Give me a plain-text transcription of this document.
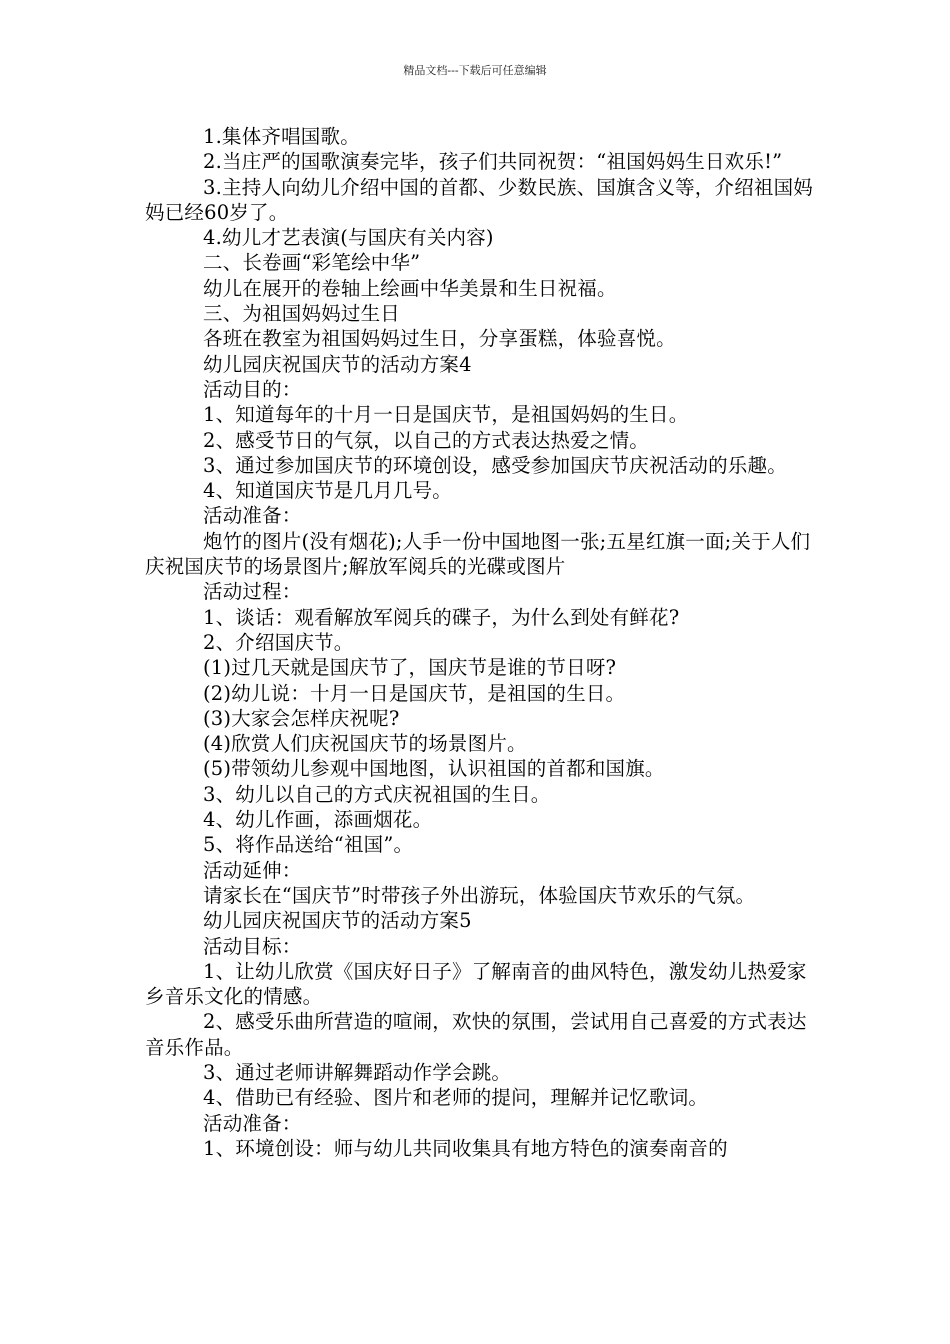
精品文档---下载后可任意编辑

1.集体齐唱国歌。

2.当庄严的国歌演奏完毕，孩子们共同祝贺：“祖国妈妈生日欢乐!”

3.主持人向幼儿介绍中国的首都、少数民族、国旗含义等，介绍祖国妈妈已经60岁了。

4.幼儿才艺表演(与国庆有关内容)

二、长卷画“彩笔绘中华”

幼儿在展开的卷轴上绘画中华美景和生日祝福。

三、为祖国妈妈过生日

各班在教室为祖国妈妈过生日，分享蛋糕，体验喜悦。

幼儿园庆祝国庆节的活动方案4

活动目的：

1、知道每年的十月一日是国庆节，是祖国妈妈的生日。

2、感受节日的气氛，以自己的方式表达热爱之情。

3、通过参加国庆节的环境创设，感受参加国庆节庆祝活动的乐趣。

4、知道国庆节是几月几号。

活动准备：

炮竹的图片(没有烟花);人手一份中国地图一张;五星红旗一面;关于人们庆祝国庆节的场景图片;解放军阅兵的光碟或图片

活动过程：

1、谈话：观看解放军阅兵的碟子，为什么到处有鲜花?

2、介绍国庆节。

(1)过几天就是国庆节了，国庆节是谁的节日呀?

(2)幼儿说：十月一日是国庆节，是祖国的生日。

(3)大家会怎样庆祝呢?

(4)欣赏人们庆祝国庆节的场景图片。

(5)带领幼儿参观中国地图，认识祖国的首都和国旗。

3、幼儿以自己的方式庆祝祖国的生日。

4、幼儿作画，添画烟花。

5、将作品送给“祖国”。

活动延伸：

请家长在“国庆节”时带孩子外出游玩，体验国庆节欢乐的气氛。

幼儿园庆祝国庆节的活动方案5

活动目标：

1、让幼儿欣赏《国庆好日子》了解南音的曲风特色，激发幼儿热爱家乡音乐文化的情感。

2、感受乐曲所营造的喧闹，欢快的氛围，尝试用自己喜爱的方式表达音乐作品。

3、通过老师讲解舞蹈动作学会跳。

4、借助已有经验、图片和老师的提问，理解并记忆歌词。

活动准备：

1、环境创设：师与幼儿共同收集具有地方特色的演奏南音的
